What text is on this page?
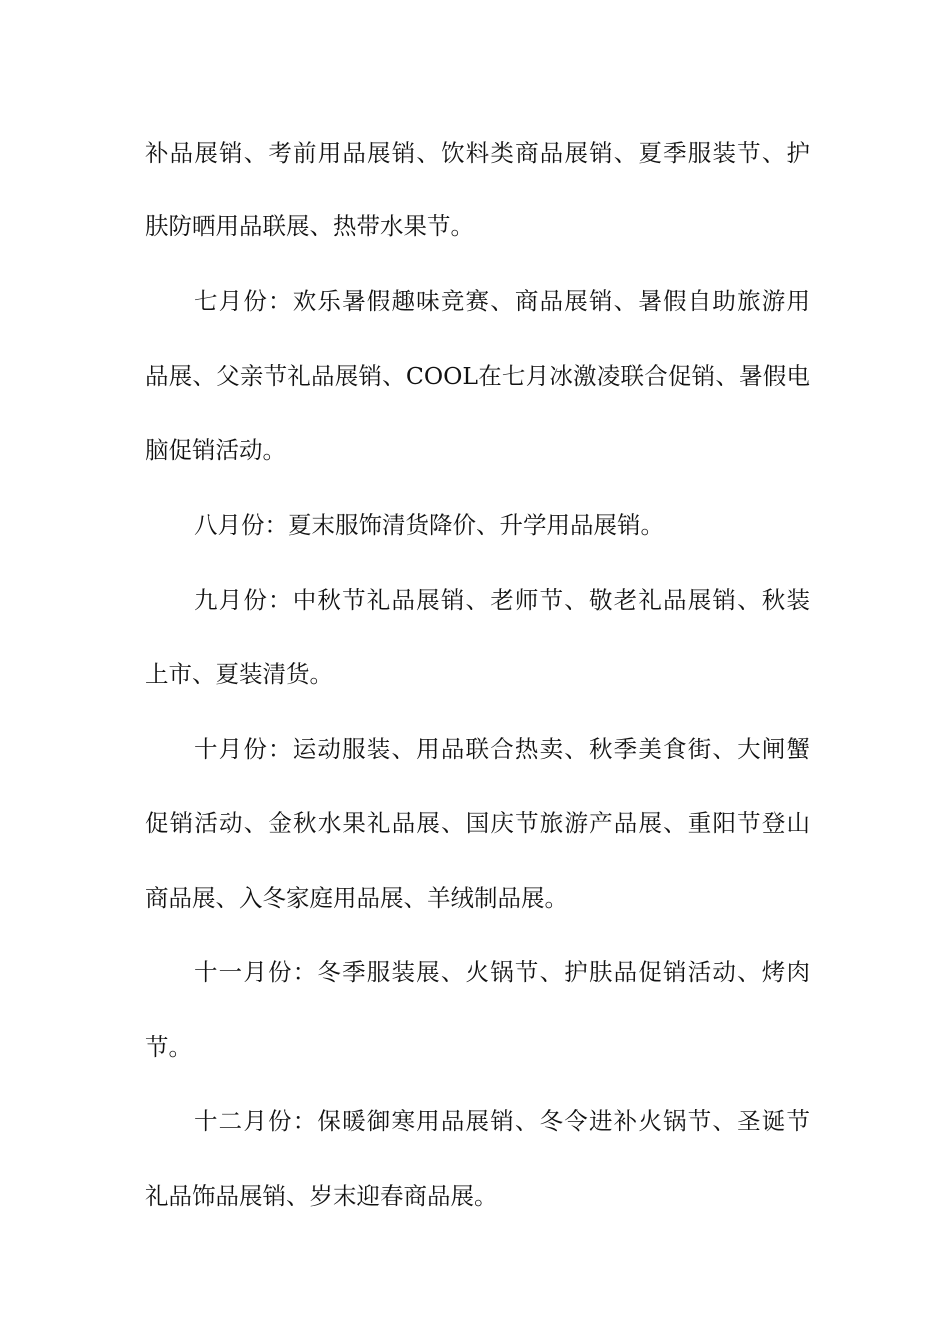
补品展销、考前用品展销、饮料类商品展销、夏季服装节、护
肤防晒用品联展、热带水果节。
七月份：欢乐暑假趣味竞赛、商品展销、暑假自助旅游用
品展、父亲节礼品展销、COOL在七月冰激凌联合促销、暑假电
脑促销活动。
八月份：夏末服饰清货降价、升学用品展销。
九月份：中秋节礼品展销、老师节、敬老礼品展销、秋装
上市、夏装清货。
十月份：运动服装、用品联合热卖、秋季美食街、大闸蟹
促销活动、金秋水果礼品展、国庆节旅游产品展、重阳节登山
商品展、入冬家庭用品展、羊绒制品展。
十一月份：冬季服装展、火锅节、护肤品促销活动、烤肉
节。
十二月份：保暖御寒用品展销、冬令进补火锅节、圣诞节
礼品饰品展销、岁末迎春商品展。
